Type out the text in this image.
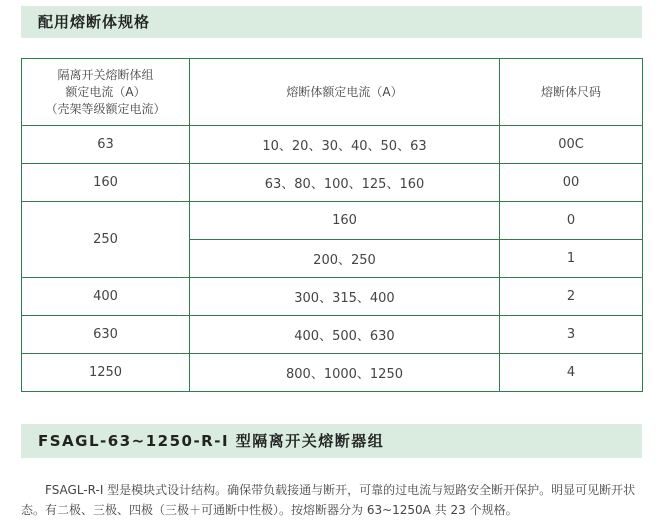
配用熔断体规格
隔离开关熔断体组
额定电流（A）
（壳架等级额定电流）	熔断体额定电流（A）	熔断体尺码
63	10、20、30、40、50、63	00C
160	63、80、100、125、160	00
250	160	0
	200、250	1
400	300、315、400	2
630	400、500、630	3
1250	800、1000、1250	4
FSAGL-63~1250-R-I 型隔离开关熔断器组

FSAGL-R-I 型是模块式设计结构。确保带负载接通与断开，可靠的过电流与短路安全断开保护。明显可见断开状态。有二极、三极、四极（三极＋可通断中性极）。按熔断器分为 63~1250A 共 23 个规格。
